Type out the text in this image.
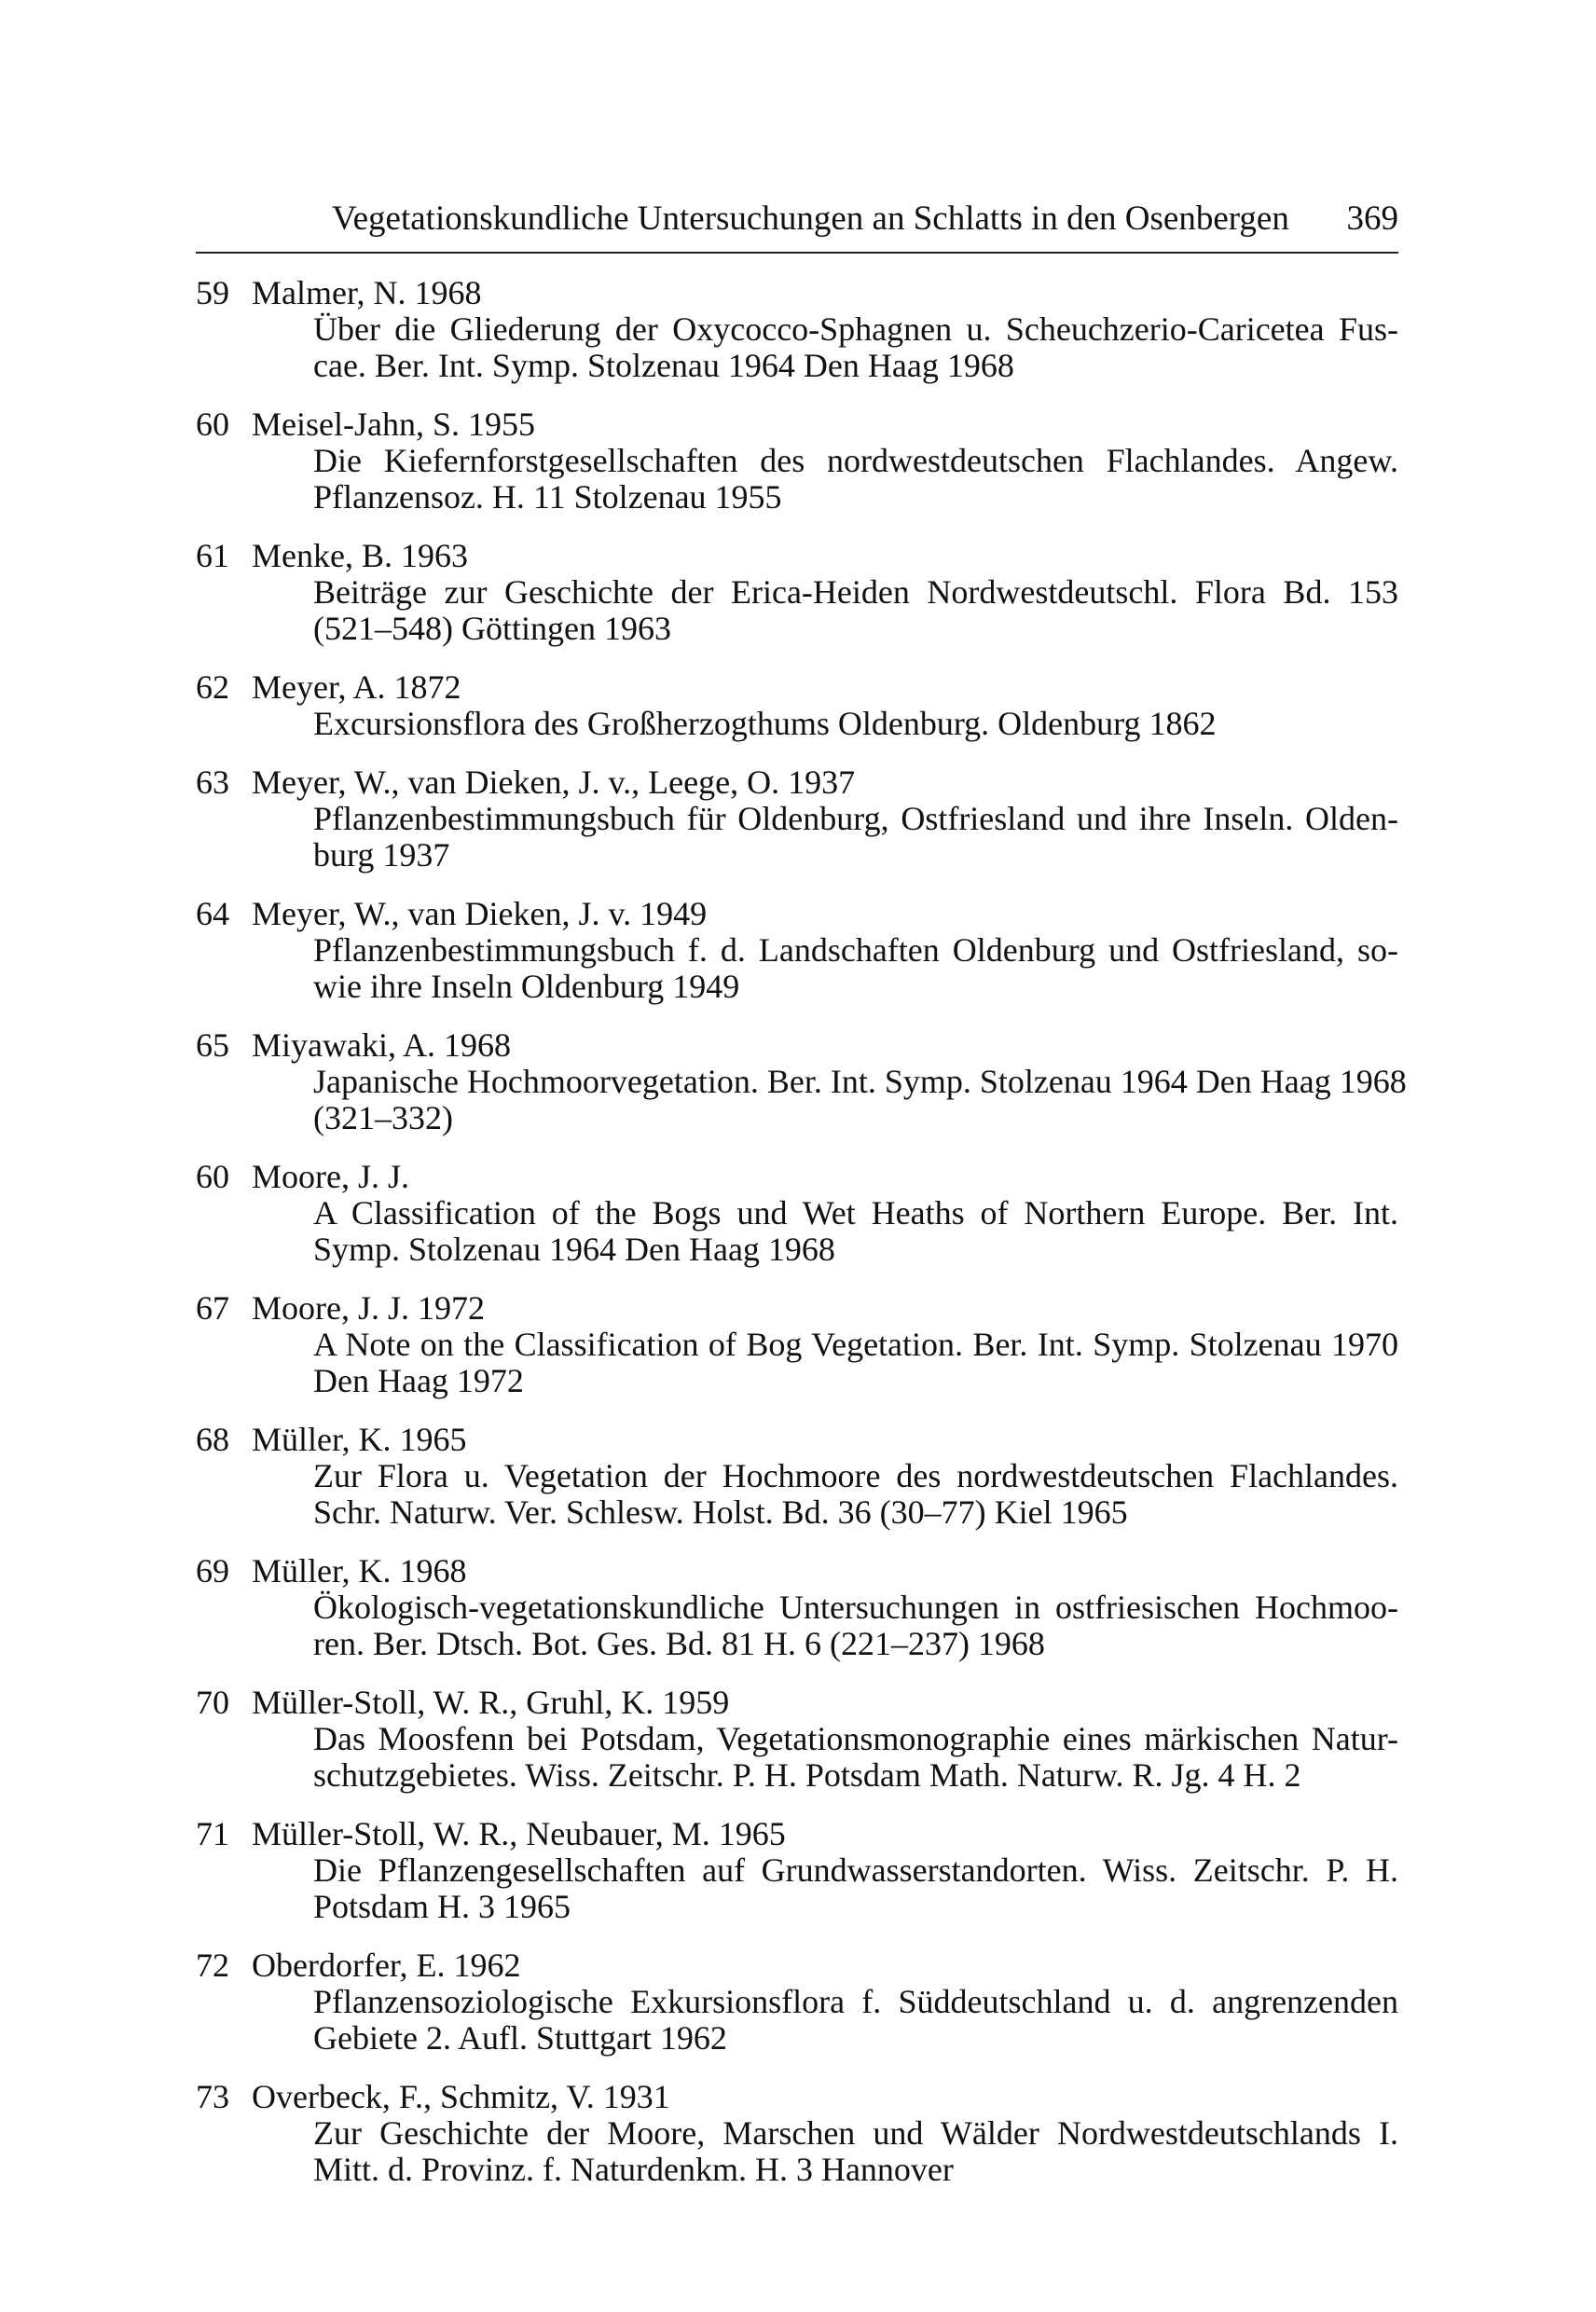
Vegetationskundliche Untersuchungen an Schlatts in den Osenbergen 369
59 Malmer, N. 1968
Über die Gliederung der Oxycocco-Sphagnen u. Scheuchzerio-Caricetea Fus-
cae. Ber. Int. Symp. Stolzenau 1964 Den Haag 1968
60 Meisel-Jahn, S. 1955
Die Kiefernforstgesellschaften des nordwestdeutschen Flachlandes. Angew.
Pflanzensoz. H. 11 Stolzenau 1955
61 Menke, B. 1963
Beiträge zur Geschichte der Erica-Heiden Nordwestdeutschl. Flora Bd. 153
(521–548) Göttingen 1963
62 Meyer, A. 1872
Excursionsflora des Großherzogthums Oldenburg. Oldenburg 1862
63 Meyer, W., van Dieken, J. v., Leege, O. 1937
Pflanzenbestimmungsbuch für Oldenburg, Ostfriesland und ihre Inseln. Olden-
burg 1937
64 Meyer, W., van Dieken, J. v. 1949
Pflanzenbestimmungsbuch f. d. Landschaften Oldenburg und Ostfriesland, so-
wie ihre Inseln Oldenburg 1949
65 Miyawaki, A. 1968
Japanische Hochmoorvegetation. Ber. Int. Symp. Stolzenau 1964 Den Haag 1968
(321–332)
60 Moore, J. J.
A Classification of the Bogs und Wet Heaths of Northern Europe. Ber. Int.
Symp. Stolzenau 1964 Den Haag 1968
67 Moore, J. J. 1972
A Note on the Classification of Bog Vegetation. Ber. Int. Symp. Stolzenau 1970
Den Haag 1972
68 Müller, K. 1965
Zur Flora u. Vegetation der Hochmoore des nordwestdeutschen Flachlandes.
Schr. Naturw. Ver. Schlesw. Holst. Bd. 36 (30–77) Kiel 1965
69 Müller, K. 1968
Ökologisch-vegetationskundliche Untersuchungen in ostfriesischen Hochmoo-
ren. Ber. Dtsch. Bot. Ges. Bd. 81 H. 6 (221–237) 1968
70 Müller-Stoll, W. R., Gruhl, K. 1959
Das Moosfenn bei Potsdam, Vegetationsmonographie eines märkischen Natur-
schutzgebietes. Wiss. Zeitschr. P. H. Potsdam Math. Naturw. R. Jg. 4 H. 2
71 Müller-Stoll, W. R., Neubauer, M. 1965
Die Pflanzengesellschaften auf Grundwasserstandorten. Wiss. Zeitschr. P. H.
Potsdam H. 3 1965
72 Oberdorfer, E. 1962
Pflanzensoziologische Exkursionsflora f. Süddeutschland u. d. angrenzenden
Gebiete 2. Aufl. Stuttgart 1962
73 Overbeck, F., Schmitz, V. 1931
Zur Geschichte der Moore, Marschen und Wälder Nordwestdeutschlands I.
Mitt. d. Provinz. f. Naturdenkm. H. 3 Hannover
